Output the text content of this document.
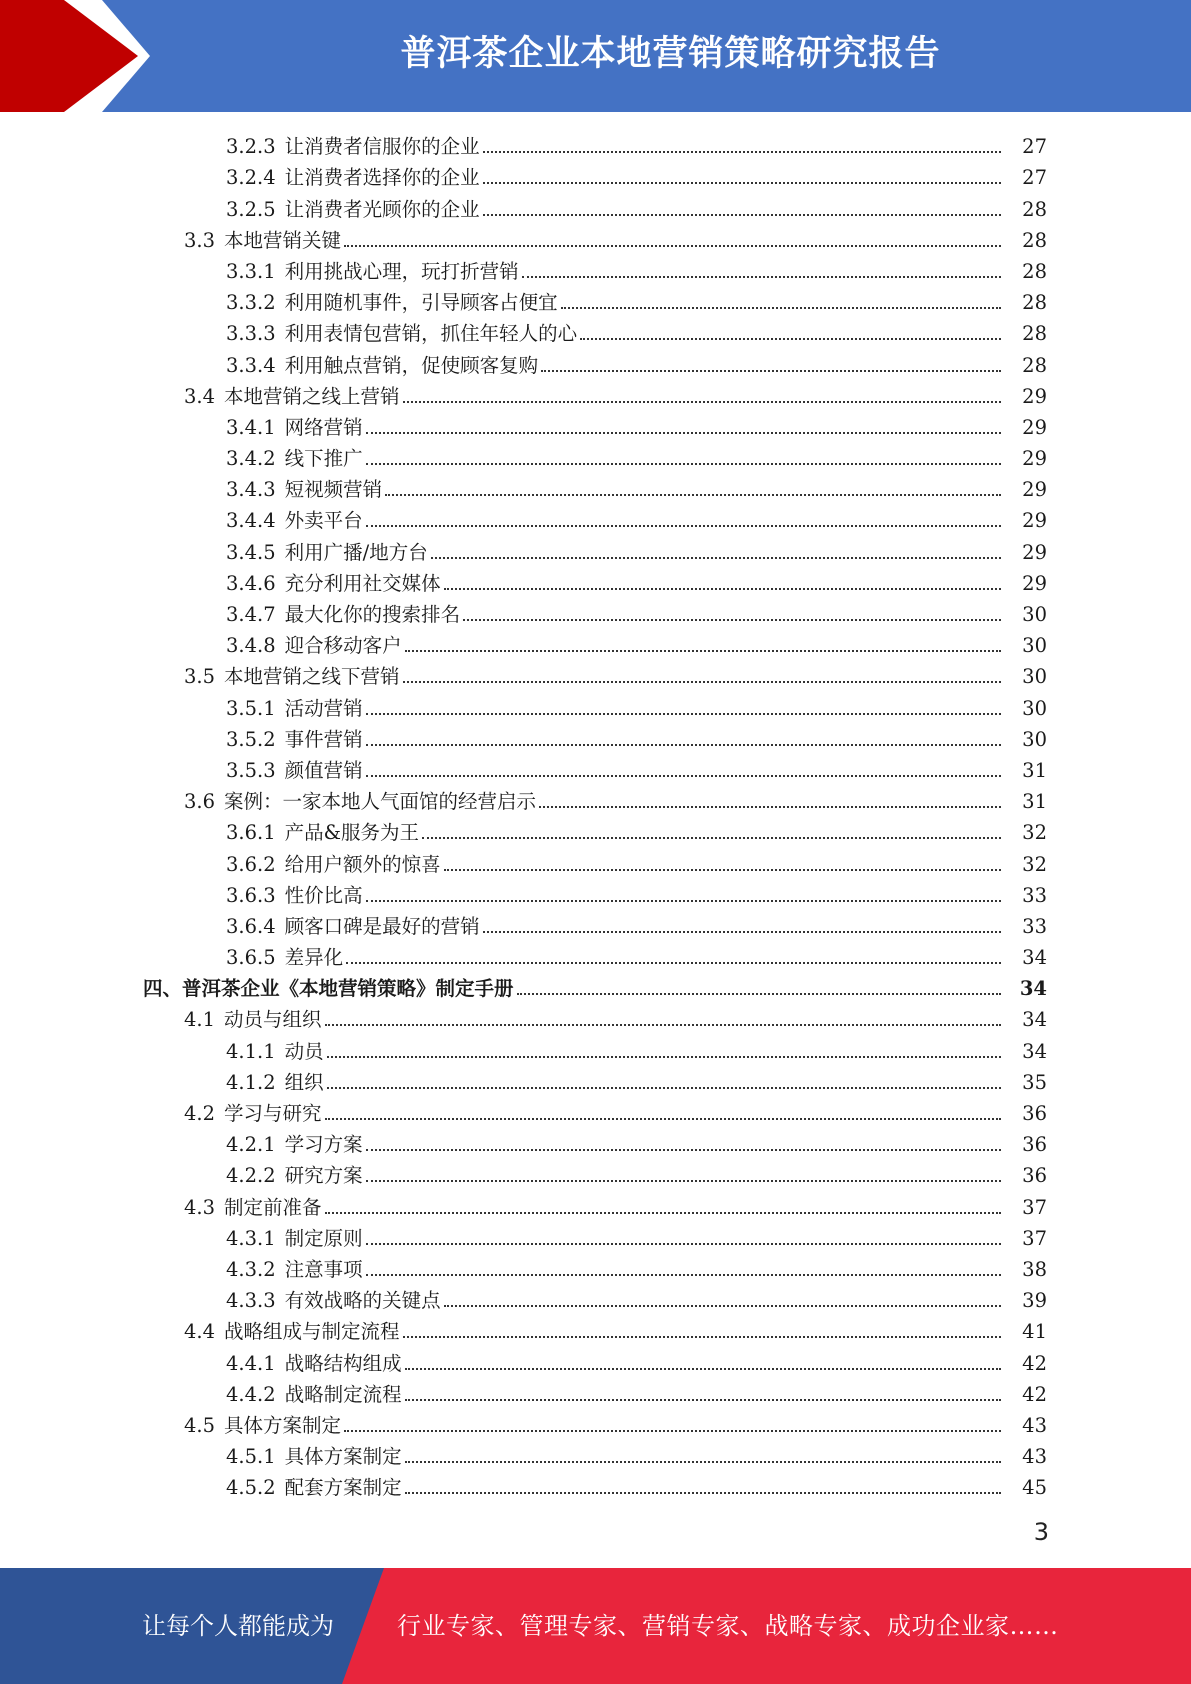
普洱茶企业本地营销策略研究报告
3.2.3 让消费者信服你的企业	27
3.2.4 让消费者选择你的企业	27
3.2.5 让消费者光顾你的企业	28
3.3 本地营销关键	28
3.3.1 利用挑战心理，玩打折营销	28
3.3.2 利用随机事件，引导顾客占便宜	28
3.3.3 利用表情包营销，抓住年轻人的心	28
3.3.4 利用触点营销，促使顾客复购	28
3.4 本地营销之线上营销	29
3.4.1 网络营销	29
3.4.2 线下推广	29
3.4.3 短视频营销	29
3.4.4 外卖平台	29
3.4.5 利用广播/地方台	29
3.4.6 充分利用社交媒体	29
3.4.7 最大化你的搜索排名	30
3.4.8 迎合移动客户	30
3.5 本地营销之线下营销	30
3.5.1 活动营销	30
3.5.2 事件营销	30
3.5.3 颜值营销	31
3.6 案例：一家本地人气面馆的经营启示	31
3.6.1 产品&服务为王	32
3.6.2 给用户额外的惊喜	32
3.6.3 性价比高	33
3.6.4 顾客口碑是最好的营销	33
3.6.5 差异化	34
四、 普洱茶企业《本地营销策略》制定手册	34
4.1 动员与组织	34
4.1.1 动员	34
4.1.2 组织	35
4.2 学习与研究	36
4.2.1 学习方案	36
4.2.2 研究方案	36
4.3 制定前准备	37
4.3.1 制定原则	37
4.3.2 注意事项	38
4.3.3 有效战略的关键点	39
4.4 战略组成与制定流程	41
4.4.1 战略结构组成	42
4.4.2 战略制定流程	42
4.5 具体方案制定	43
4.5.1 具体方案制定	43
4.5.2 配套方案制定	45
3
让每个人都能成为	行业专家、管理专家、营销专家、战略专家、成功企业家……
